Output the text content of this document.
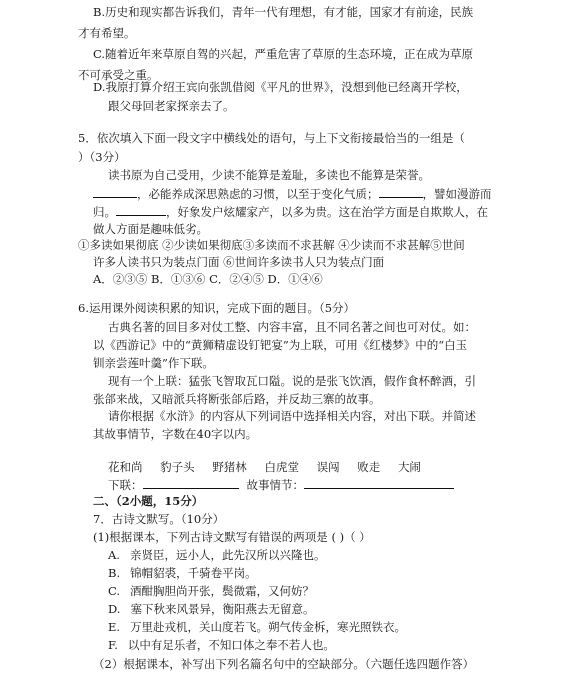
B.历史和现实都告诉我们，青年一代有理想，有才能，国家才有前途，民族
才有希望。
C.随着近年来草原自驾的兴起，严重危害了草原的生态环境，正在成为草原
不可承受之重。
D.我原打算介绍王宾向张凯借阅《平凡的世界》，没想到他已经离开学校，
跟父母回老家探亲去了。
5．依次填入下面一段文字中横线处的语句，与上下文衔接最恰当的一组是（
）（3分）
读书原为自己受用，少读不能算是羞耻，多读也不能算是荣誉。
，必能养成深思熟虑的习惯，以至于变化气质；	，譬如漫游而
归。	，好象发户炫耀家产，以多为贵。这在治学方面是自欺欺人，在
做人方面是趣味低劣。
①多读如果彻底 ②少读如果彻底③多读而不求甚解 ④少读而不求甚解⑤世间
许多人读书只为装点门面 ⑥世间许多读书人只为装点门面
A．②③⑤ B．①③⑥ C．②④⑤ D．①④⑥
6.运用课外阅读积累的知识，完成下面的题目。（5分）
古典名著的回目多对仗工整、内容丰富，且不同名著之间也可对仗。如：
以《西游记》中的“黄狮精虚设钉钯宴”为上联，可用《红楼梦》中的“白玉
钏亲尝莲叶羹”作下联。
现有一个上联：猛张飞智取瓦口隘。说的是张飞饮酒，假作食杯醉酒，引
张郃来战，又暗派兵将断张郃后路，并反劫三寨的故事。
请你根据《水浒》的内容从下列词语中选择相关内容，对出下联。并简述
其故事情节，字数在40字以内。
花和尚 豹子头 野猪林 白虎堂 误闯 败走 大闹
下联：	故事情节：
二、（2小题，15分）
7．古诗文默写。（10分）
(1)根据课本，下列古诗文默写有错误的两项是 ( )（ ）
A. 亲贤臣，远小人，此先汉所以兴隆也。
B. 锦帽貂裘，千骑卷平岗。
C. 酒酣胸胆尚开张，鬓微霜，又何妨？
D. 塞下秋来风景异，衡阳燕去无留意。
E. 万里赴戎机，关山度若飞。朔气传金柝，寒光照铁衣。
F. 以中有足乐者，不知口体之奉不若人也。
（2）根据课本，补写出下列名篇名句中的空缺部分。（六题任选四题作答）
